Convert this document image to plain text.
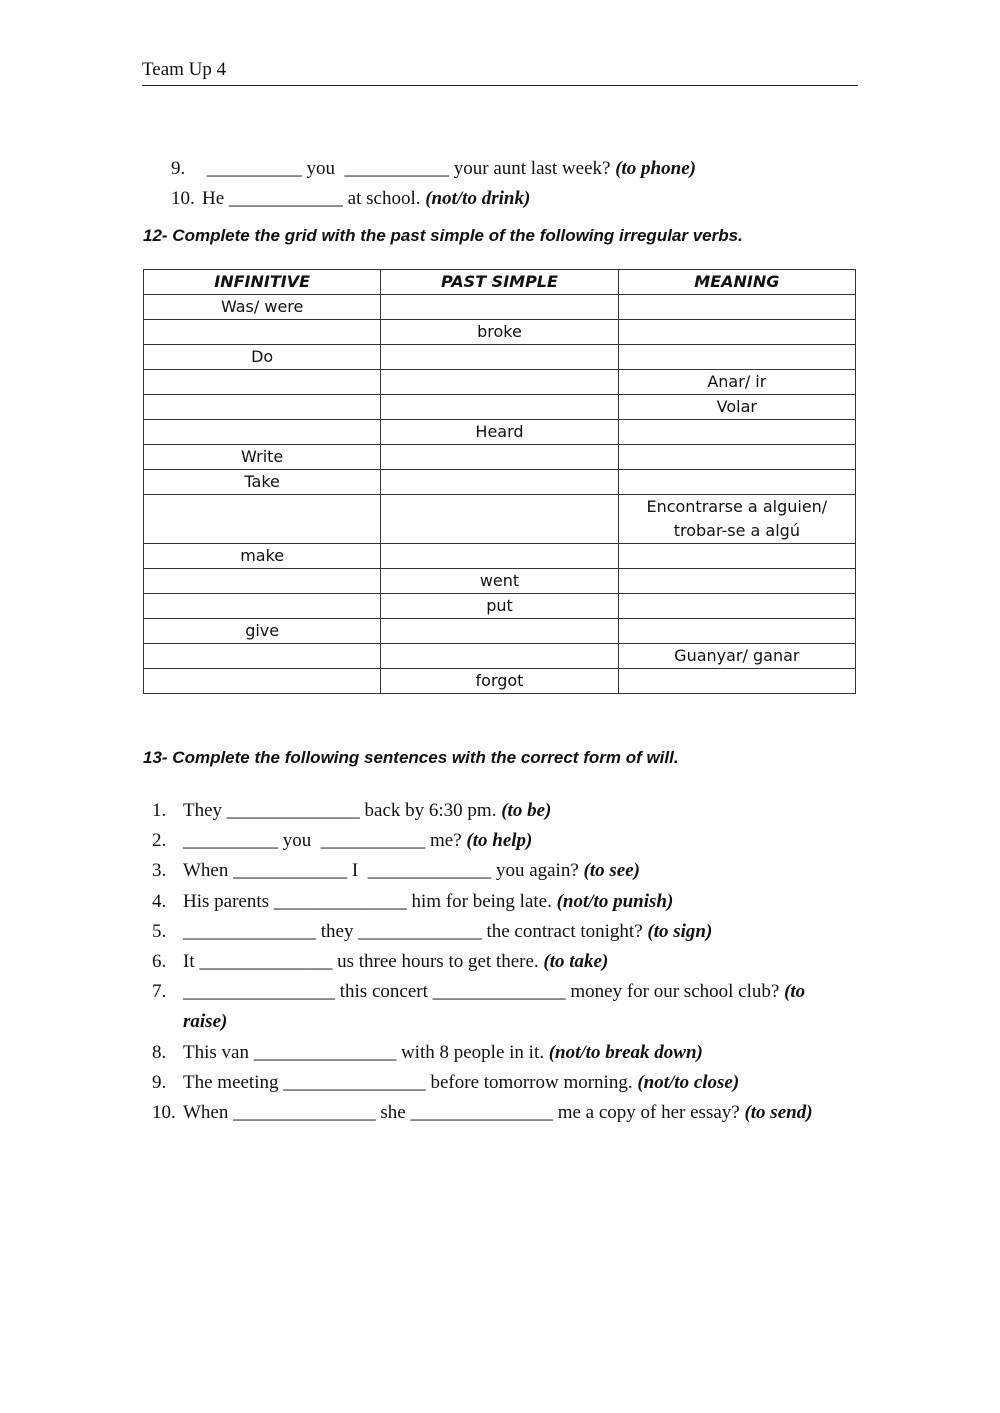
Team Up 4

9. __________ you  ___________ your aunt last week? (to phone)

10. He ____________ at school. (not/to drink)

12- Complete the grid with the past simple of the following irregular verbs.
INFINITIVE	PAST SIMPLE	MEANING
Was/ were		
	broke	
Do		
		Anar/ ir
		Volar
	Heard	
Write		
Take		
		Encontrarse a alguien/ trobar-se a algú
make		
	went	
	put	
give		
		Guanyar/ ganar
	forgot	
13- Complete the following sentences with the correct form of will.
1. They ______________ back by 6:30 pm. (to be)
2. __________ you  ___________ me? (to help)
3. When ____________ I  _____________ you again? (to see)
4. His parents ______________ him for being late. (not/to punish)
5. ______________ they _____________ the contract tonight? (to sign)
6. It ______________ us three hours to get there. (to take)
7. ________________ this concert ______________ money for our school club? (to
raise)
8. This van _______________ with 8 people in it. (not/to break down)
9. The meeting _______________ before tomorrow morning. (not/to close)
10. When _______________ she _______________ me a copy of her essay? (to send)
